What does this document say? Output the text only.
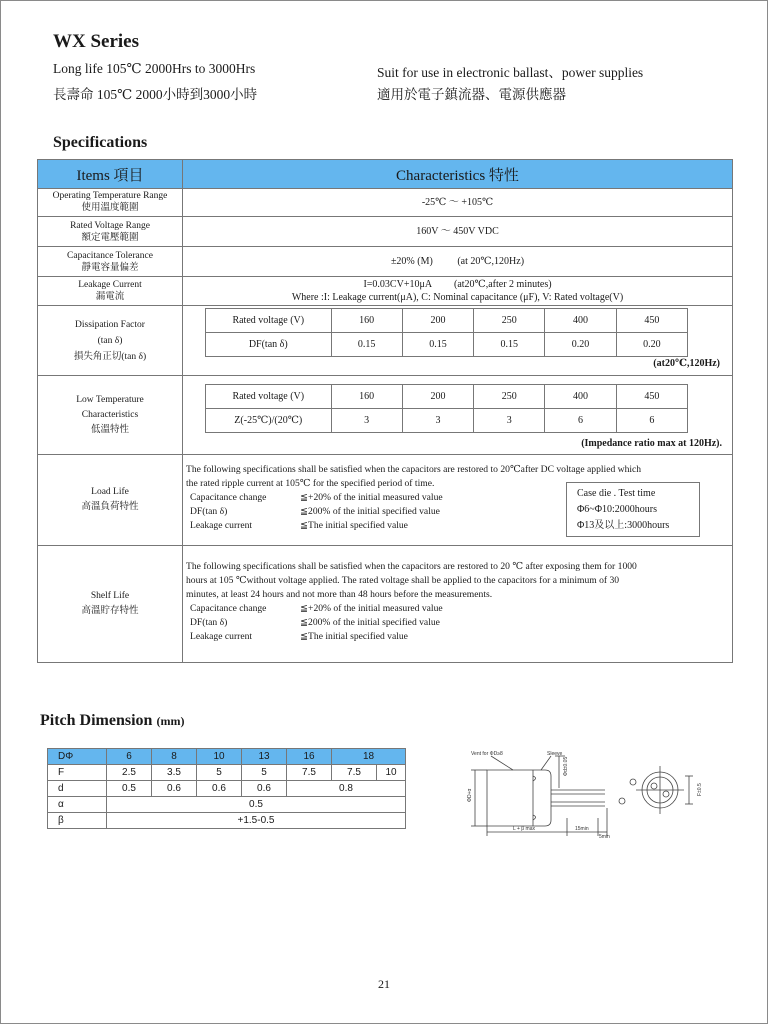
WX Series
Long life 105℃ 2000Hrs to 3000Hrs
長壽命 105℃ 2000小時到3000小時
Suit for use in electronic ballast、power supplies
適用於電子鎮流器、電源供應器
Specifications
Items 項目	Characteristics 特性
Operating Temperature Range
使用溫度範圍
-25℃ ～ +105℃
Rated Voltage Range
額定電壓範圍
160V ～ 450V VDC
Capacitance Tolerance
靜電容量偏差
±20% (M) (at 20℃,120Hz)
Leakage Current
漏電流
I=0.03CV+10μA (at20℃,after 2 minutes)
Where :I: Leakage current(μA), C: Nominal capacitance (μF), V: Rated voltage(V)
Dissipation Factor
(tan δ)
損失角正切(tan δ)
Rated voltage (V)	160	200	250	400	450
DF(tan δ)	0.15	0.15	0.15	0.20	0.20
(at20℃,120Hz)
Low Temperature
Characteristics
低溫特性
Rated voltage (V)	160	200	250	400	450
Z(-25℃)/(20℃)	3	3	3	6	6
(Impedance ratio max at 120Hz).
Load Life
高溫負荷特性
The following specifications shall be satisfied when the capacitors are restored to 20℃after DC voltage applied which
the rated ripple current at 105℃ for the specified period of time.
Capacitance change	≦+20% of the initial measured value
DF(tan δ)	≦200% of the initial specified value
Leakage current	≦The initial specified value
Case die . Test time
Φ6~Φ10:2000hours
Φ13及以上:3000hours
Shelf Life
高溫貯存特性
The following specifications shall be satisfied when the capacitors are restored to 20 ℃ after exposing them for 1000
hours at 105 ℃without voltage applied. The rated voltage shall be applied to the capacitors for a minimum of 30
minutes, at least 24 hours and not more than 48 hours before the measurements.
Capacitance change	≦+20% of the initial measured value
DF(tan δ)	≦200% of the initial specified value
Leakage current	≦The initial specified value
Pitch Dimension (mm)
DΦ	6	8	10	13	16	18	
F	2.5	3.5	5	5	7.5	7.5	10
d	0.5	0.6	0.6	0.6	0.8		
α	0.5						
β	+1.5-0.5						
Vent for ΦD≥8	Sleeve
ΦD+α
L + β max	15min
5min
Φd±0.05
F±0.5
21
